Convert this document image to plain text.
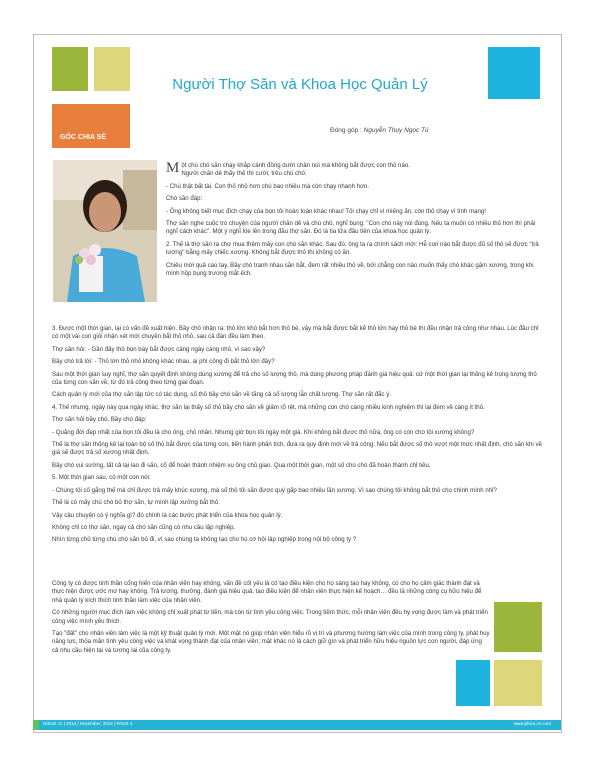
Người Thợ Săn và Khoa Học Quản Lý
GÓC CHIA SẺ
Đóng góp : Nguyễn Thụy Ngọc Tú

Một chú chó săn chạy khắp cánh đồng dưới chân núi mà không bắt được con thỏ nào.
Người chăn dê thấy thế thì cười, trêu chú chó:

- Chú thật bất tài. Con thỏ nhỏ hơn chú bao nhiêu mà còn chạy nhanh hơn.

Chó săn đáp:

- Ông không biết mục đích chạy của bọn tôi hoàn toàn khác nhau! Tôi chạy chỉ vì miếng ăn, còn thỏ chạy vì tính mạng!

Thợ săn nghe cuộc trò chuyện của người chăn dê và chú chó, nghĩ bụng: "Con chó này nói đúng. Nếu ta muốn có nhiều thỏ hơn thì phải nghĩ cách khác". Một ý nghĩ lóe lên trong đầu thợ săn. Đó là tia lửa đầu tiên của khoa học quản lý.

2. Thế là thợ săn ra chợ mua thêm mấy con chó săn khác. Sau đó, ông ta ra chính sách mới: Hễ con nào bắt được đủ số thỏ sẽ được "trả lương" bằng mấy chiếc xương. Không bắt được thỏ thì không có ăn.

Chiêu mới quả cao tay. Bầy chó tranh nhau săn bắt, đem rất nhiều thỏ về, bởi chẳng con nào muốn thấy chó khác gặm xương, trong khi mình hộp bụng trương mắt ếch.

3. Được một thời gian, lại có vấn đề xuất hiện. Bầy chó nhận ra: thỏ lớn khó bắt hơn thỏ bé, vậy mà bắt được bắt kể thỏ lớn hay thỏ bé thì đều nhận trả công như nhau. Lúc đầu chỉ có một vài con giỏi nhận xét mới chuyên bắt thỏ nhỏ, sau cả đàn đều làm theo.

Thợ săn hỏi: - Gần đây thỏ bọn bay bắt được càng ngày càng nhỏ, vì sao vậy?

Bầy chó trả lời: - Thỏ lớn thỏ nhỏ không khác nhau, ai phí công đi bắt thỏ lớn đây?

Sau một thời gian suy nghĩ, thợ săn quyết định không dùng xương để trả cho số lượng thỏ, mà dùng phương pháp đánh giá hiệu quả: cứ một thời gian lại thống kê trọng lượng thỏ của từng con săn về, từ đó trả công theo từng giai đoạn.

Cách quản lý mới của thợ săn lập tức có tác dụng, số thỏ bầy chó săn về tăng cả số lượng lẫn chất lượng. Thợ săn rất đắc ý.

4. Thế nhưng, ngày này qua ngày khác, thợ săn lại thấy số thỏ bầy chó săn về giảm rõ rệt, mà những con chó càng nhiều kinh nghiệm thì lại đem về càng ít thỏ.

Thợ săn hỏi bầy chó. Bầy chó đáp:

- Quãng đời đẹp nhất của bọn tôi đều là cho ông, chủ nhân. Nhưng giờ bọn tôi ngày một già. Khi không bắt được thỏ nữa, ông có còn cho tôi xương không?

Thế là thợ săn thống kê lại toàn bộ số thỏ bắt được của từng con, tiến hành phân tích, đưa ra quy định mới về trả công: Nếu bắt được số thỏ vượt một mức nhất định, chó săn khi về già sẽ được trả số xương nhất định.

Bầy chó vui sướng, tất cả lại lao đi săn, cố để hoàn thành nhiệm vụ ông chủ giao. Qua một thời gian, một số chú chó đã hoàn thành chỉ tiêu.

5. Một thời gian sau, có một con nói:

- Chúng tôi cố gắng thế mà chỉ được trả mấy khúc xương, mà số thỏ tôi săn được quý gấp bao nhiêu lần xương. Vì sao chúng tôi không bắt thỏ cho chính mình nhỉ?

Thế là có mấy chú chó bỏ thợ săn, tự mình lập xưởng bắt thỏ.

Vậy câu chuyện có ý nghĩa gì? đó chính là các bước phát triển của khoa học quản lý.

Không chỉ có thợ săn, ngay cả chó săn cũng có nhu cầu lập nghiệp.

Nhìn từng chủ từng chú chó săn bỏ đi, vì sao chúng ta không tạo cho họ cơ hội lập nghiệp trong nội bộ công ty ?

Công ty có được tinh thần cống hiến của nhân viên hay không, vấn đề cốt yếu là có tạo điều kiện cho họ sáng tạo hay không, có cho họ cảm giác thành đạt và thực hiện được ước mơ hay không. Trả lương, thưởng, đánh giá hiệu quả, tạo điều kiện để nhân viên thực hiện kế hoạch… đều là những công cụ hữu hiệu để nhà quản lý kích thích tinh thần làm việc của nhân viên.

Có những người mục đích làm việc không chỉ xuất phát từ tiền, mà còn từ tình yêu công việc. Trong tiềm thức, mỗi nhân viên đều hy vọng được làm và phát triển công việc mình yêu thích.

Tạo "đất" cho nhân viên làm việc là một kỹ thuật quản lý mới. Một mặt nó giúp nhân viên hiểu rõ vị trí và phương hướng làm việc của mình trong công ty, phát huy năng lực, thỏa mãn tình yêu công việc và khát vọng thành đạt của nhân viên; mặt khác nó là cách giữ gìn và phát triển hữu hiệu nguồn lực con người, đáp ứng cả nhu cầu hiện tại và tương lai của công ty.

ISSUE 11 | 2014 | November, 2014 | PAGE 4	www.phivu.vn.com
